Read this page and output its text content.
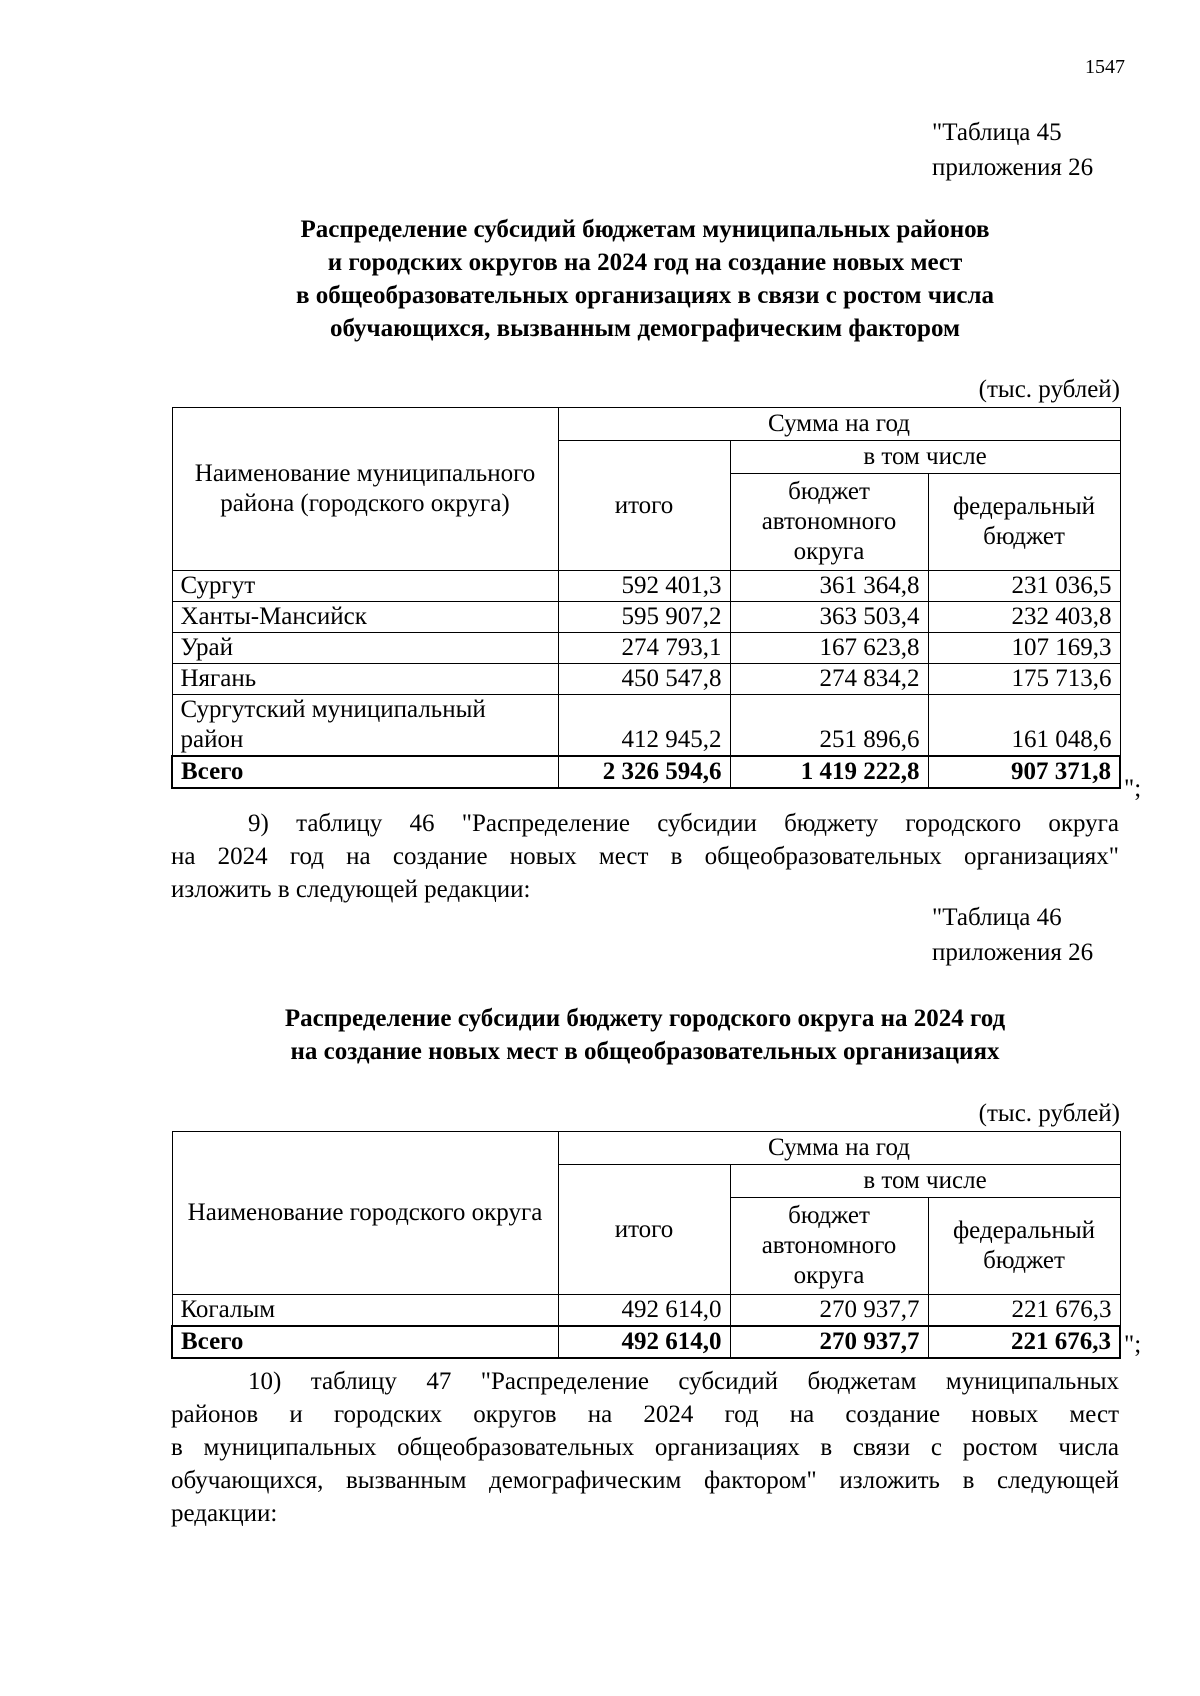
1547
"Таблица 45
приложения 26
Распределение субсидий бюджетам муниципальных районов
и городских округов на 2024 год на создание новых мест
в общеобразовательных организациях в связи с ростом числа
обучающихся, вызванным демографическим фактором
(тыс. рублей)
Наименование муниципального района (городского округа)	Сумма на год		
	итого	в том числе	
		бюджет автономного округа	федеральный бюджет
Сургут	592 401,3	361 364,8	231 036,5
Ханты-Мансийск	595 907,2	363 503,4	232 403,8
Урай	274 793,1	167 623,8	107 169,3
Нягань	450 547,8	274 834,2	175 713,6
Сургутский муниципальный район	412 945,2	251 896,6	161 048,6
Всего	2 326 594,6	1 419 222,8	907 371,8
";
9) таблицу 46 "Распределение субсидии бюджету городского округа
на 2024 год на создание новых мест в общеобразовательных организациях"
изложить в следующей редакции:
"Таблица 46
приложения 26
Распределение субсидии бюджету городского округа на 2024 год
на создание новых мест в общеобразовательных организациях
(тыс. рублей)
Наименование городского округа	Сумма на год		
	итого	в том числе	
		бюджет автономного округа	федеральный бюджет
Когалым	492 614,0	270 937,7	221 676,3
Всего	492 614,0	270 937,7	221 676,3 ";
10) таблицу 47 "Распределение субсидий бюджетам муниципальных
районов и городских округов на 2024 год на создание новых мест
в муниципальных общеобразовательных организациях в связи с ростом числа
обучающихся, вызванным демографическим фактором" изложить в следующей
редакции:
